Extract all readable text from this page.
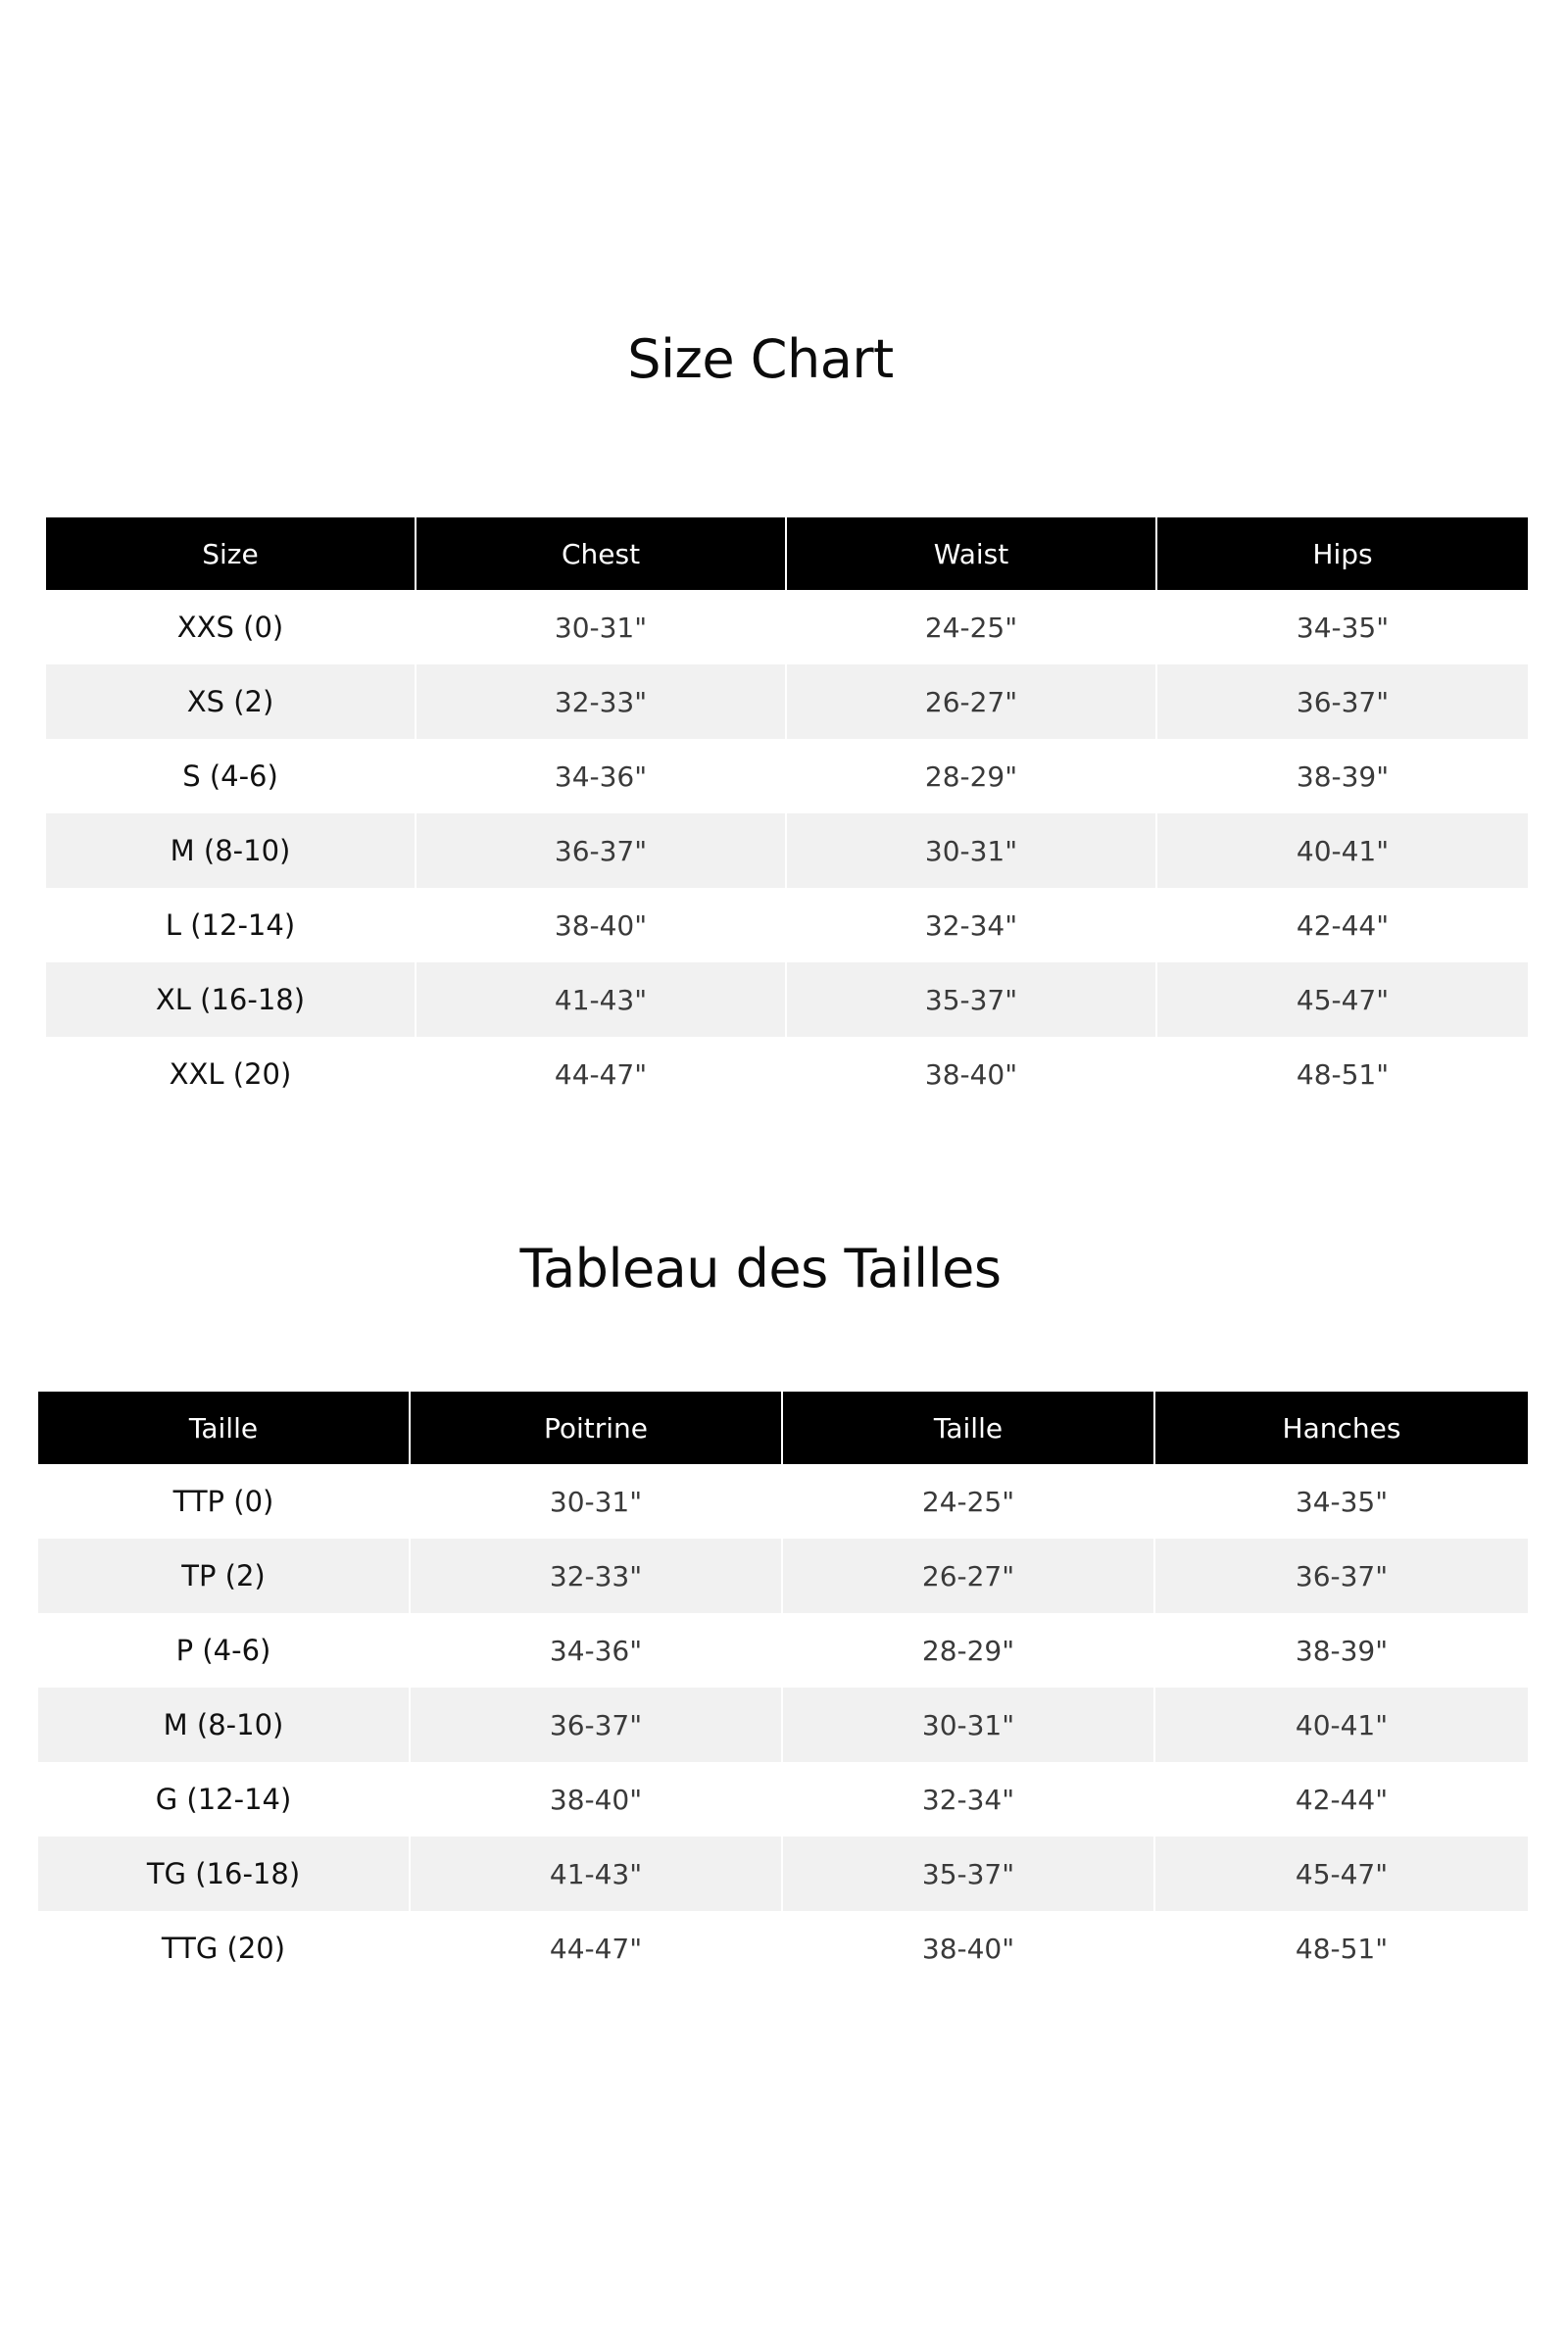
Size Chart
Size	Chest	Waist	Hips
XXS (0)	30-31"	24-25"	34-35"
XS (2)	32-33"	26-27"	36-37"
S (4-6)	34-36"	28-29"	38-39"
M (8-10)	36-37"	30-31"	40-41"
L (12-14)	38-40"	32-34"	42-44"
XL (16-18)	41-43"	35-37"	45-47"
XXL (20)	44-47"	38-40"	48-51"
Tableau des Tailles
Taille	Poitrine	Taille	Hanches
TTP (0)	30-31"	24-25"	34-35"
TP (2)	32-33"	26-27"	36-37"
P (4-6)	34-36"	28-29"	38-39"
M (8-10)	36-37"	30-31"	40-41"
G (12-14)	38-40"	32-34"	42-44"
TG (16-18)	41-43"	35-37"	45-47"
TTG (20)	44-47"	38-40"	48-51"
